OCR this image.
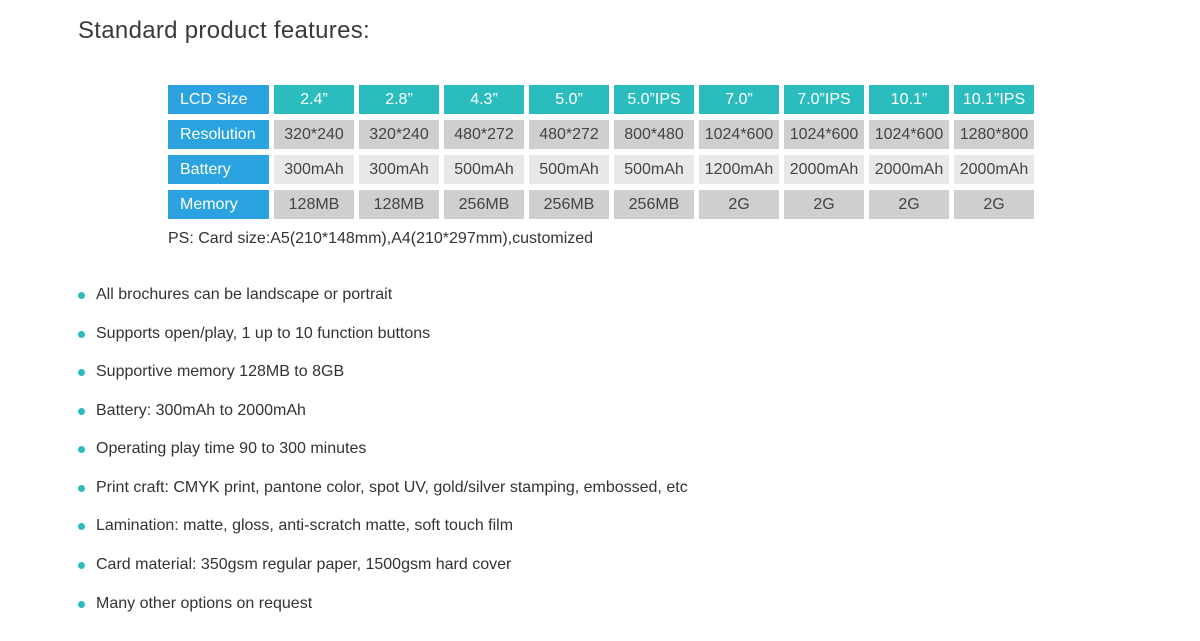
Standard product features:
LCD Size	2.4”	2.8”	4.3”	5.0”	5.0”IPS	7.0”	7.0”IPS	10.1”	10.1”IPS
Resolution	320*240	320*240	480*272	480*272	800*480	1024*600	1024*600	1024*600	1280*800
Battery	300mAh	300mAh	500mAh	500mAh	500mAh	1200mAh	2000mAh	2000mAh	2000mAh
Memory	128MB	128MB	256MB	256MB	256MB	2G	2G	2G	2G

PS: Card size:A5(210*148mm),A4(210*297mm),customized

All brochures can be landscape or portrait
Supports open/play, 1 up to 10 function buttons
Supportive memory 128MB to 8GB
Battery: 300mAh to 2000mAh
Operating play time 90 to 300 minutes
Print craft: CMYK print, pantone color, spot UV, gold/silver stamping, embossed, etc
Lamination: matte, gloss, anti-scratch matte, soft touch film
Card material: 350gsm regular paper, 1500gsm hard cover
Many other options on request
